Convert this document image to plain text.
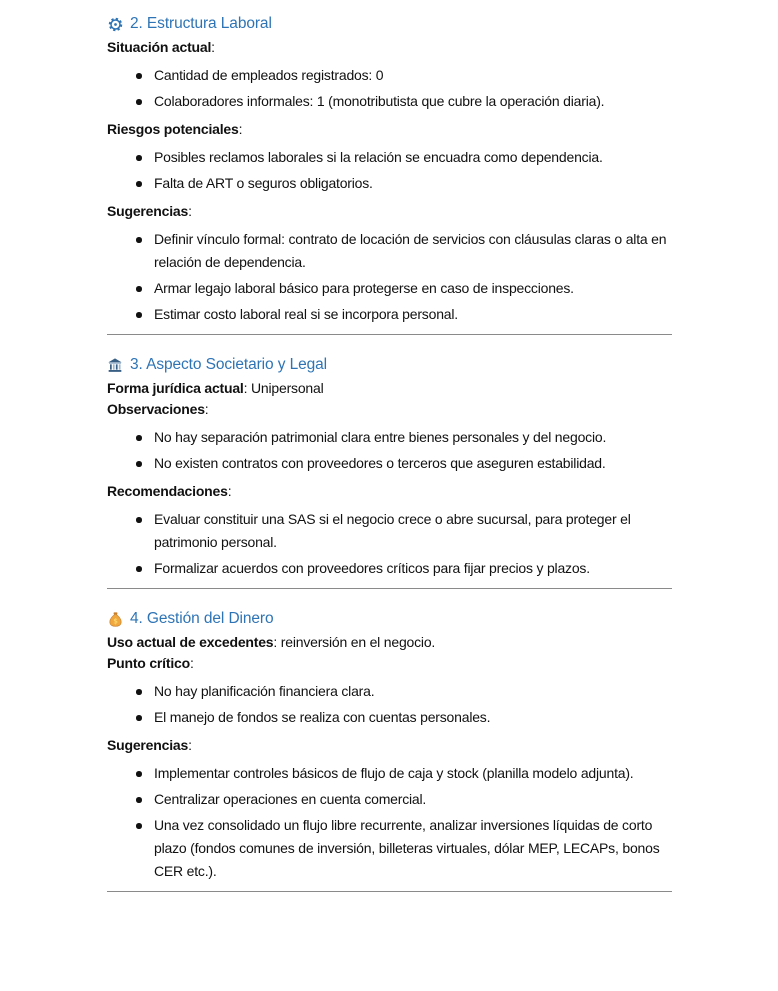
2. Estructura Laboral

Situación actual:

Cantidad de empleados registrados: 0
Colaboradores informales: 1 (monotributista que cubre la operación diaria).

Riesgos potenciales:

Posibles reclamos laborales si la relación se encuadra como dependencia.
Falta de ART o seguros obligatorios.

Sugerencias:

Definir vínculo formal: contrato de locación de servicios con cláusulas claras o alta en relación de dependencia.
Armar legajo laboral básico para protegerse en caso de inspecciones.
Estimar costo laboral real si se incorpora personal.
3. Aspecto Societario y Legal

Forma jurídica actual: Unipersonal

Observaciones:

No hay separación patrimonial clara entre bienes personales y del negocio.
No existen contratos con proveedores o terceros que aseguren estabilidad.

Recomendaciones:

Evaluar constituir una SAS si el negocio crece o abre sucursal, para proteger el patrimonio personal.
Formalizar acuerdos con proveedores críticos para fijar precios y plazos.
$ 4. Gestión del Dinero

Uso actual de excedentes: reinversión en el negocio.

Punto crítico:

No hay planificación financiera clara.
El manejo de fondos se realiza con cuentas personales.

Sugerencias:

Implementar controles básicos de flujo de caja y stock (planilla modelo adjunta).
Centralizar operaciones en cuenta comercial.
Una vez consolidado un flujo libre recurrente, analizar inversiones líquidas de corto plazo (fondos comunes de inversión, billeteras virtuales, dólar MEP, LECAPs, bonos CER etc.).
